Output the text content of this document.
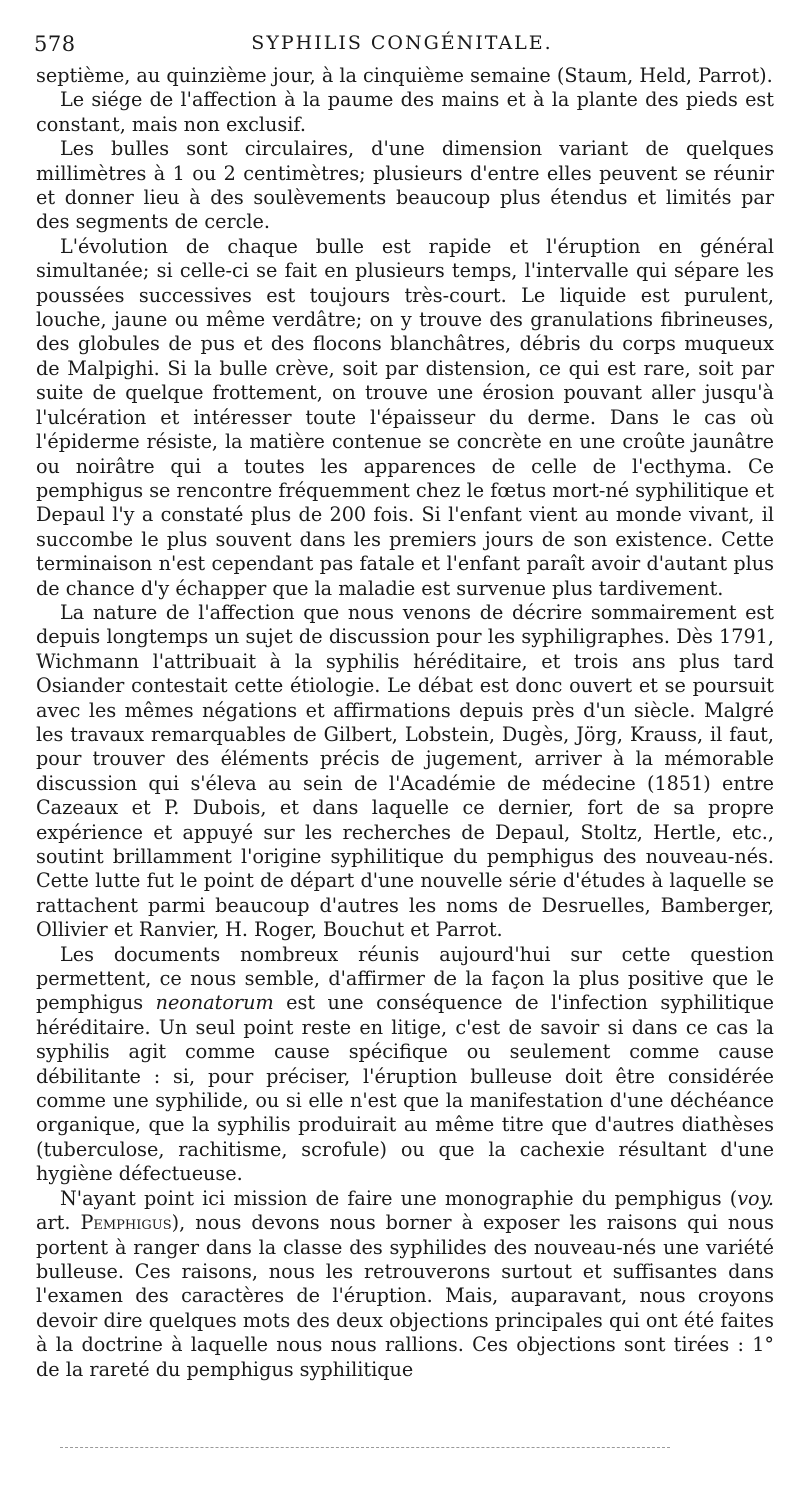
578	SYPHILIS CONGÉNITALE.

septième, au quinzième jour, à la cinquième semaine (Staum, Held, Parrot).

Le siége de l'affection à la paume des mains et à la plante des pieds est constant, mais non exclusif.

Les bulles sont circulaires, d'une dimension variant de quelques millimètres à 1 ou 2 centimètres; plusieurs d'entre elles peuvent se réunir et donner lieu à des soulèvements beaucoup plus étendus et limités par des segments de cercle.

L'évolution de chaque bulle est rapide et l'éruption en général simultanée; si celle-ci se fait en plusieurs temps, l'intervalle qui sépare les poussées successives est toujours très-court. Le liquide est purulent, louche, jaune ou même verdâtre; on y trouve des granulations fibrineuses, des globules de pus et des flocons blanchâtres, débris du corps muqueux de Malpighi. Si la bulle crève, soit par distension, ce qui est rare, soit par suite de quelque frottement, on trouve une érosion pouvant aller jusqu'à l'ulcération et intéresser toute l'épaisseur du derme. Dans le cas où l'épiderme résiste, la matière contenue se concrète en une croûte jaunâtre ou noirâtre qui a toutes les apparences de celle de l'ecthyma. Ce pemphigus se rencontre fréquemment chez le fœtus mort-né syphilitique et Depaul l'y a constaté plus de 200 fois. Si l'enfant vient au monde vivant, il succombe le plus souvent dans les premiers jours de son existence. Cette terminaison n'est cependant pas fatale et l'enfant paraît avoir d'autant plus de chance d'y échapper que la maladie est survenue plus tardivement.

La nature de l'affection que nous venons de décrire sommairement est depuis longtemps un sujet de discussion pour les syphiligraphes. Dès 1791, Wichmann l'attribuait à la syphilis héréditaire, et trois ans plus tard Osiander contestait cette étiologie. Le débat est donc ouvert et se poursuit avec les mêmes négations et affirmations depuis près d'un siècle. Malgré les travaux remarquables de Gilbert, Lobstein, Dugès, Jörg, Krauss, il faut, pour trouver des éléments précis de jugement, arriver à la mémorable discussion qui s'éleva au sein de l'Académie de médecine (1851) entre Cazeaux et P. Dubois, et dans laquelle ce dernier, fort de sa propre expérience et appuyé sur les recherches de Depaul, Stoltz, Hertle, etc., soutint brillamment l'origine syphilitique du pemphigus des nouveau-nés. Cette lutte fut le point de départ d'une nouvelle série d'études à laquelle se rattachent parmi beaucoup d'autres les noms de Desruelles, Bamberger, Ollivier et Ranvier, H. Roger, Bouchut et Parrot.

Les documents nombreux réunis aujourd'hui sur cette question permettent, ce nous semble, d'affirmer de la façon la plus positive que le pemphigus neonatorum est une conséquence de l'infection syphilitique héréditaire. Un seul point reste en litige, c'est de savoir si dans ce cas la syphilis agit comme cause spécifique ou seulement comme cause débilitante : si, pour préciser, l'éruption bulleuse doit être considérée comme une syphilide, ou si elle n'est que la manifestation d'une déchéance organique, que la syphilis produirait au même titre que d'autres diathèses (tuberculose, rachitisme, scrofule) ou que la cachexie résultant d'une hygiène défectueuse.

N'ayant point ici mission de faire une monographie du pemphigus (voy. art. Pemphigus), nous devons nous borner à exposer les raisons qui nous portent à ranger dans la classe des syphilides des nouveau-nés une variété bulleuse. Ces raisons, nous les retrouverons surtout et suffisantes dans l'examen des caractères de l'éruption. Mais, auparavant, nous croyons devoir dire quelques mots des deux objections principales qui ont été faites à la doctrine à laquelle nous nous rallions. Ces objections sont tirées : 1° de la rareté du pemphigus syphilitique
